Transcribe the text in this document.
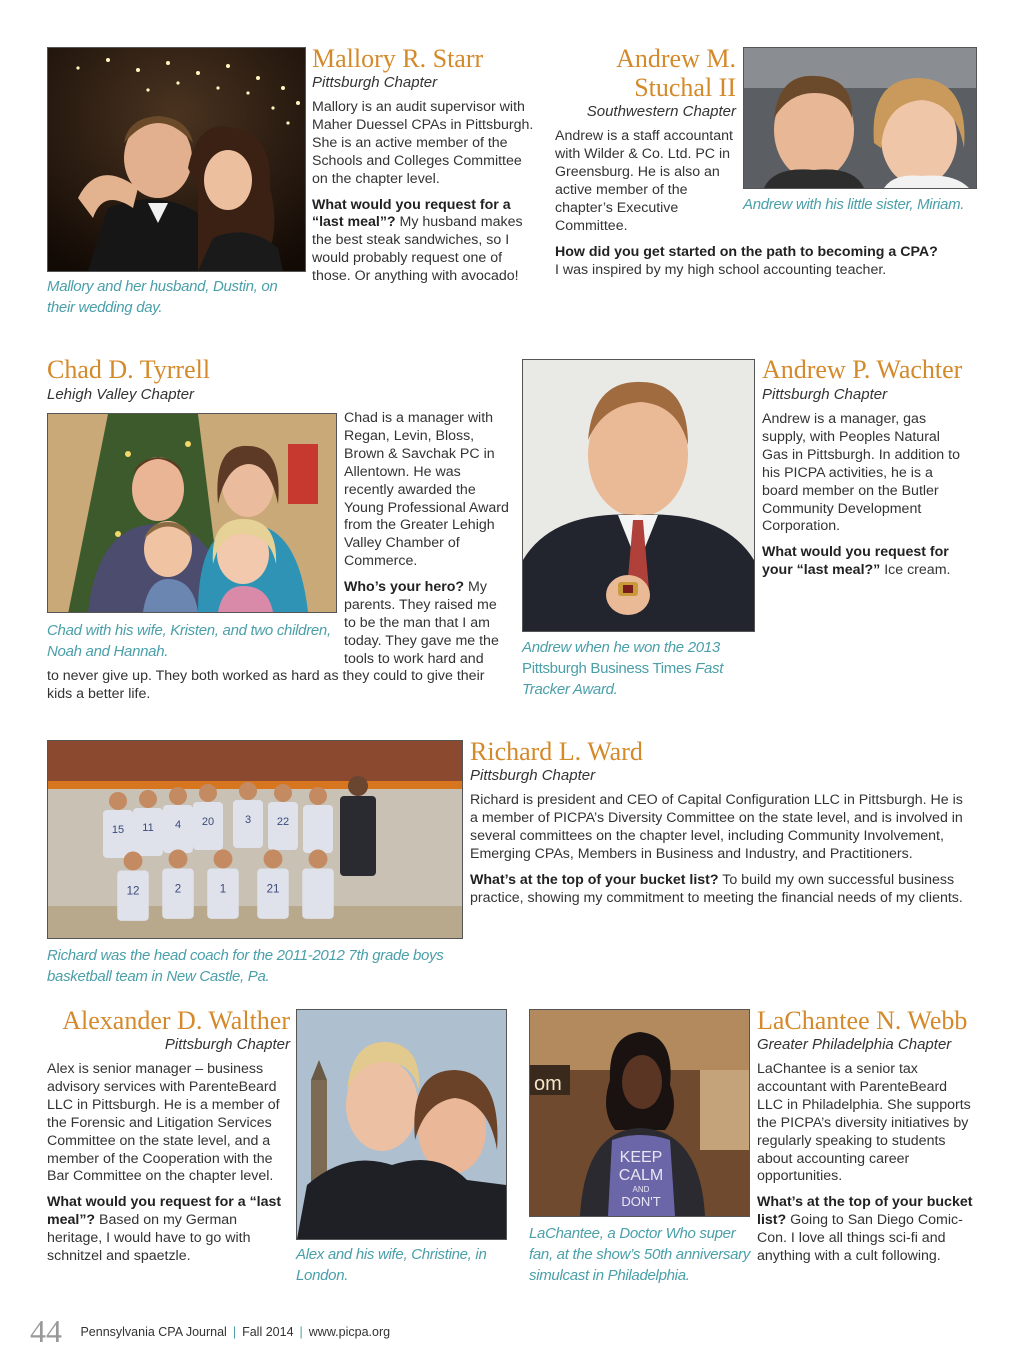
Mallory and her husband, Dustin, on their wedding day.
Mallory R. Starr
Pittsburgh Chapter

Mallory is an audit supervisor with Maher Duessel CPAs in Pittsburgh. She is an active member of the Schools and Colleges Committee on the chapter level.

What would you request for a “last meal”? My husband makes the best steak sandwiches, so I would probably request one of those. Or anything with avocado!

Andrew M.
Stuchal II
Southwestern Chapter
Andrew is a staff accountant with Wilder & Co. Ltd. PC in Greensburg. He is also an active member of the chapter’s Executive Committee.
Andrew with his little sister, Miriam.
How did you get started on the path to becoming a CPA?
I was inspired by my high school accounting teacher.
Chad D. Tyrrell
Lehigh Valley Chapter
Chad with his wife, Kristen, and two children, Noah and Hannah.
Chad is a manager with Regan, Levin, Bloss, Brown & Savchak PC in Allentown. He was recently awarded the Young Professional Award from the Greater Lehigh Valley Chamber of Commerce.
Who’s your hero? My parents. They raised me to be the man that I am today. They gave me the tools to work hard and
to never give up. They both worked as hard as they could to give their kids a better life.
Andrew when he won the 2013
Pittsburgh Business Times Fast
Tracker Award.
Andrew P. Wachter
Pittsburgh Chapter

Andrew is a manager, gas supply, with Peoples Natural Gas in Pittsburgh. In addition to his PICPA activities, he is a board member on the Butler Community Development Corporation.

What would you request for your “last meal?” Ice cream.

15 11 4 20	3 22
12	2	1	21
Richard was the head coach for the 2011-2012 7th grade boys basketball team in New Castle, Pa.
Richard L. Ward
Pittsburgh Chapter

Richard is president and CEO of Capital Configuration LLC in Pittsburgh. He is a member of PICPA’s Diversity Committee on the state level, and is involved in several committees on the chapter level, including Community Involvement, Emerging CPAs, Members in Business and Industry, and Practitioners.

What’s at the top of your bucket list? To build my own successful business practice, showing my commitment to meeting the financial needs of my clients.

Alexander D. Walther
Pittsburgh Chapter

Alex is senior manager – business advisory services with ParenteBeard LLC in Pittsburgh. He is a member of the Forensic and Litigation Services Committee on the state level, and a member of the Cooperation with the Bar Committee on the chapter level.

What would you request for a “last meal”? Based on my German heritage, I would have to go with schnitzel and spaetzle.	Alex and his wife, Christine, in London.
om
KEEP
CALM
AND
DON'T
LaChantee, a Doctor Who super fan, at the show’s 50th anniversary simulcast in Philadelphia.
LaChantee N. Webb
Greater Philadelphia Chapter

LaChantee is a senior tax accountant with ParenteBeard LLC in Philadelphia. She supports the PICPA’s diversity initiatives by regularly speaking to students about accounting career opportunities.

What’s at the top of your bucket list? Going to San Diego Comic-Con. I love all things sci-fi and anything with a cult following.

44 Pennsylvania CPA Journal | Fall 2014 | www.picpa.org
